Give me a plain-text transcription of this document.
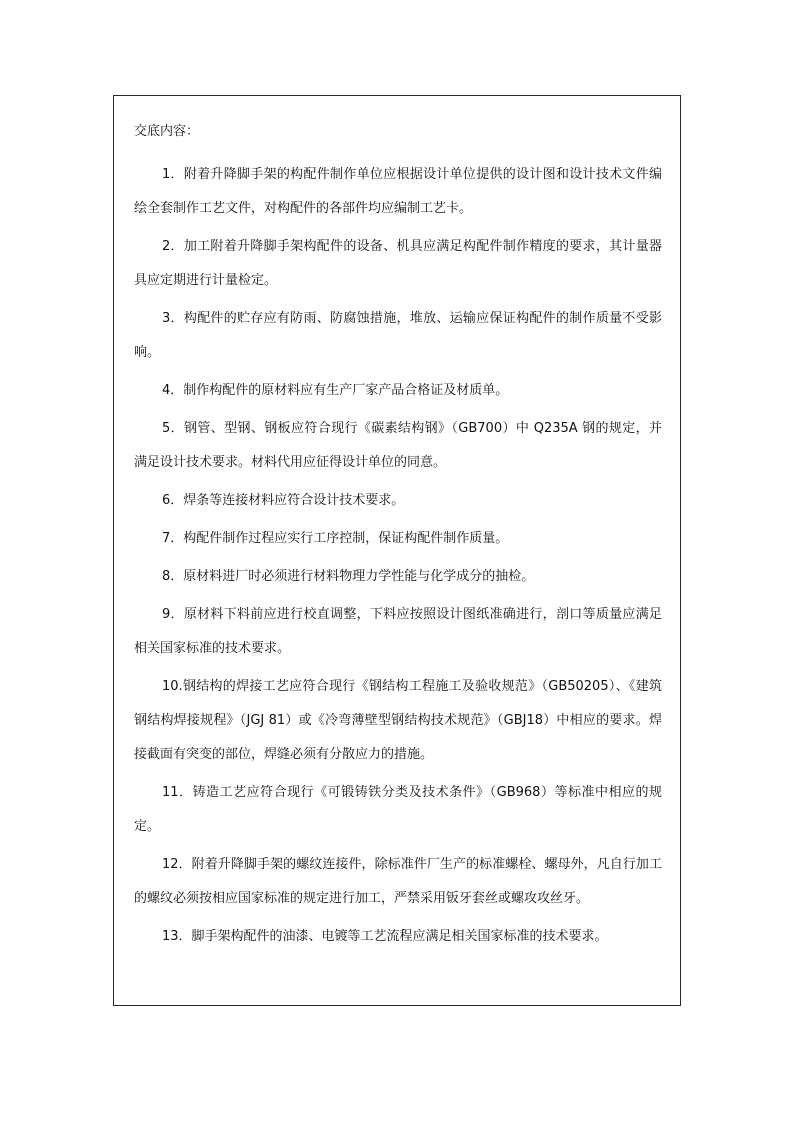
交底内容：

1．附着升降脚手架的构配件制作单位应根据设计单位提供的设计图和设计技术文件编绘全套制作工艺文件，对构配件的各部件均应编制工艺卡。

2．加工附着升降脚手架构配件的设备、机具应满足构配件制作精度的要求，其计量器具应定期进行计量检定。

3．构配件的贮存应有防雨、防腐蚀措施，堆放、运输应保证构配件的制作质量不受影响。

4．制作构配件的原材料应有生产厂家产品合格证及材质单。

5．钢管、型钢、钢板应符合现行《碳素结构钢》（GB700）中 Q235A 钢的规定，并满足设计技术要求。材料代用应征得设计单位的同意。

6．焊条等连接材料应符合设计技术要求。

7．构配件制作过程应实行工序控制，保证构配件制作质量。

8．原材料进厂时必须进行材料物理力学性能与化学成分的抽检。

9．原材料下料前应进行校直调整，下料应按照设计图纸准确进行，剖口等质量应满足相关国家标准的技术要求。

10.钢结构的焊接工艺应符合现行《钢结构工程施工及验收规范》（GB50205）、《建筑钢结构焊接规程》（JGJ 81）或《冷弯薄壁型钢结构技术规范》（GBJ18）中相应的要求。焊接截面有突变的部位，焊缝必须有分散应力的措施。

11．铸造工艺应符合现行《可锻铸铁分类及技术条件》（GB968）等标准中相应的规定。

12．附着升降脚手架的螺纹连接件，除标准件厂生产的标准螺栓、螺母外，凡自行加工的螺纹必须按相应国家标准的规定进行加工，严禁采用钣牙套丝或螺攻攻丝牙。

13．脚手架构配件的油漆、电镀等工艺流程应满足相关国家标准的技术要求。
